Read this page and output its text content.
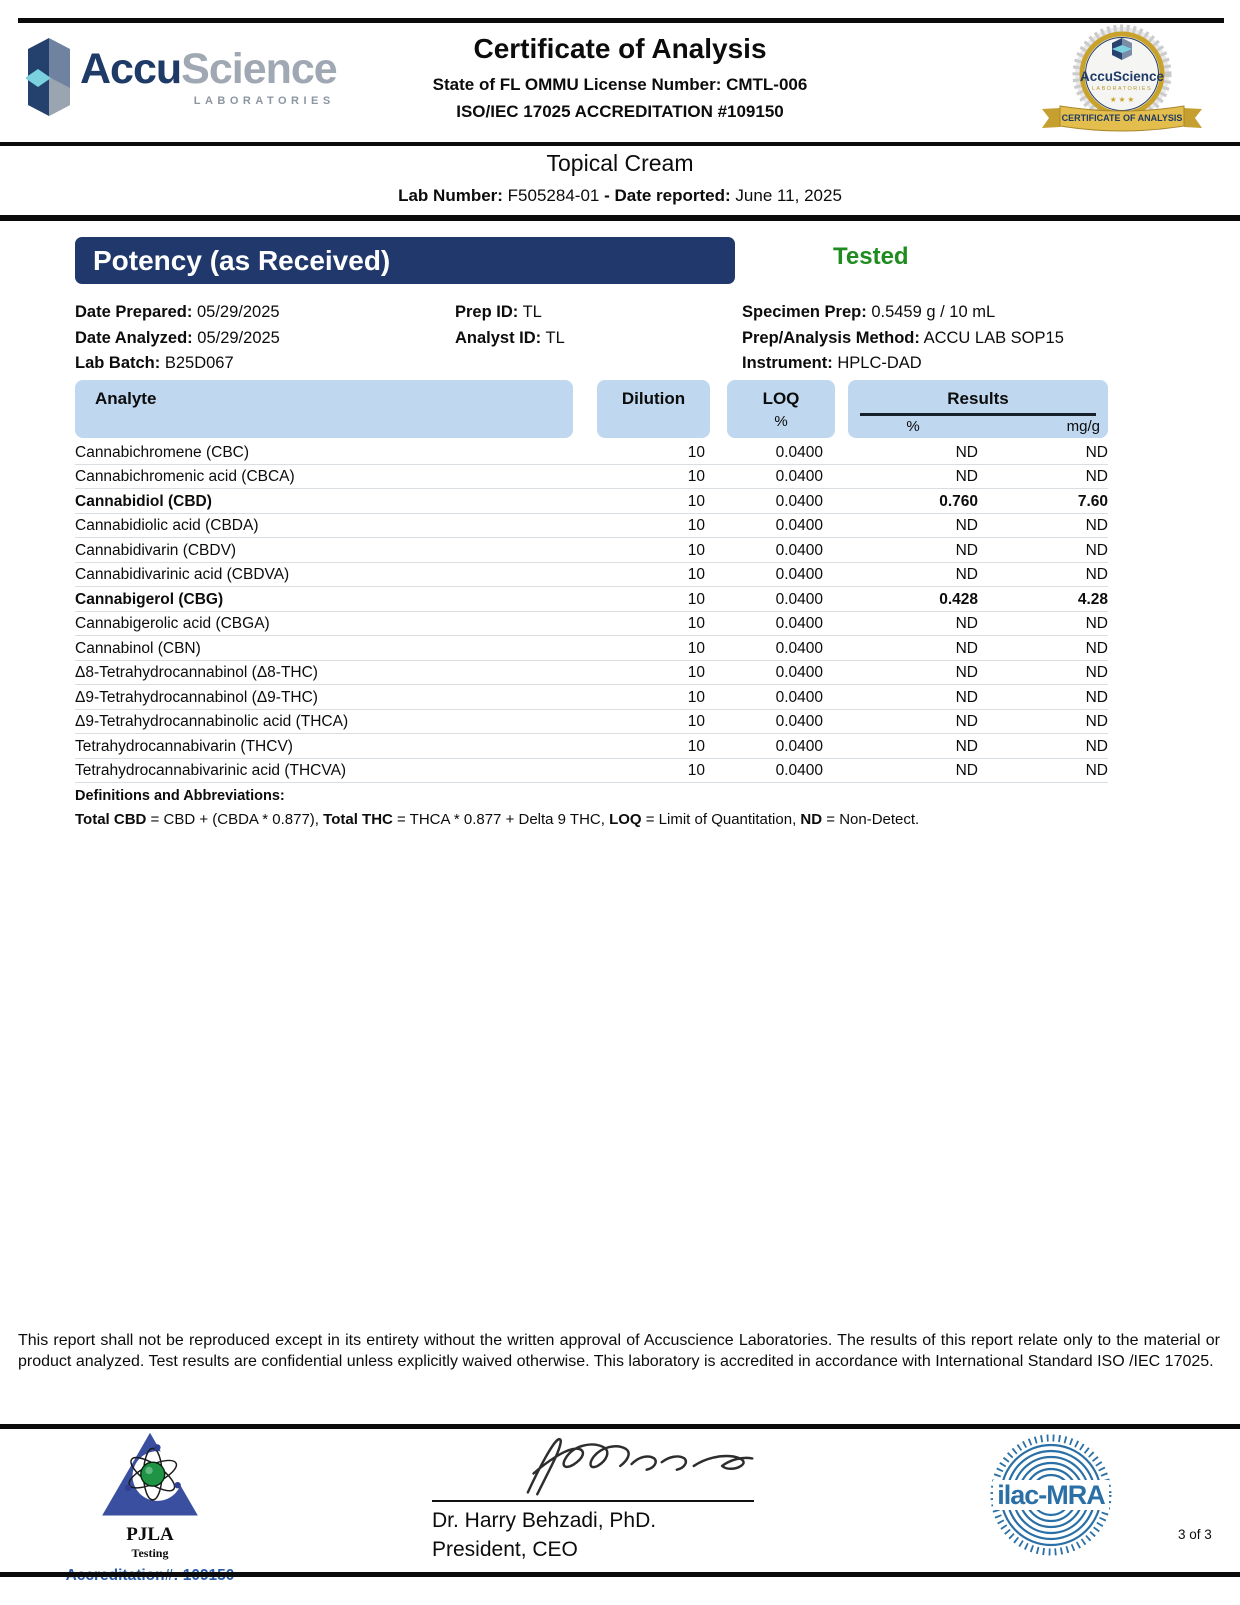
AccuScience
LABORATORIES
Certificate of Analysis
State of FL OMMU License Number: CMTL-006
ISO/IEC 17025 ACCREDITATION #109150
AccuScience
LABORATORIES
★ ★ ★
CERTIFICATE OF ANALYSIS
Topical Cream
Lab Number: F505284-01 - Date reported: June 11, 2025
Potency (as Received)	Tested
Date Prepared: 05/29/2025
Date Analyzed: 05/29/2025
Lab Batch: B25D067
Prep ID: TL
Analyst ID: TL
Specimen Prep: 0.5459 g / 10 mL
Prep/Analysis Method: ACCU LAB SOP15
Instrument: HPLC-DAD
Analyte	Dilution	LOQ
%
Results
%	mg/g
Cannabichromene (CBC)	10	0.0400	ND	ND
Cannabichromenic acid (CBCA)	10	0.0400	ND	ND
Cannabidiol (CBD)	10	0.0400	0.760	7.60
Cannabidiolic acid (CBDA)	10	0.0400	ND	ND
Cannabidivarin (CBDV)	10	0.0400	ND	ND
Cannabidivarinic acid (CBDVA)	10	0.0400	ND	ND
Cannabigerol (CBG)	10	0.0400	0.428	4.28
Cannabigerolic acid (CBGA)	10	0.0400	ND	ND
Cannabinol (CBN)	10	0.0400	ND	ND
Δ8-Tetrahydrocannabinol (Δ8-THC)	10	0.0400	ND	ND
Δ9-Tetrahydrocannabinol (Δ9-THC)	10	0.0400	ND	ND
Δ9-Tetrahydrocannabinolic acid (THCA)	10	0.0400	ND	ND
Tetrahydrocannabivarin (THCV)	10	0.0400	ND	ND
Tetrahydrocannabivarinic acid (THCVA)	10	0.0400	ND	ND
Definitions and Abbreviations:
Total CBD = CBD + (CBDA * 0.877), Total THC = THCA * 0.877 + Delta 9 THC, LOQ = Limit of Quantitation, ND = Non-Detect.
This report shall not be reproduced except in its entirety without the written approval of Accuscience Laboratories. The results of this report relate only to the material or product analyzed. Test results are confidential unless explicitly waived otherwise. This laboratory is accredited in accordance with International Standard ISO /IEC 17025.
PJLA
Testing
Dr. Harry Behzadi, PhD.
President, CEO
ilac-MRA
3 of 3
